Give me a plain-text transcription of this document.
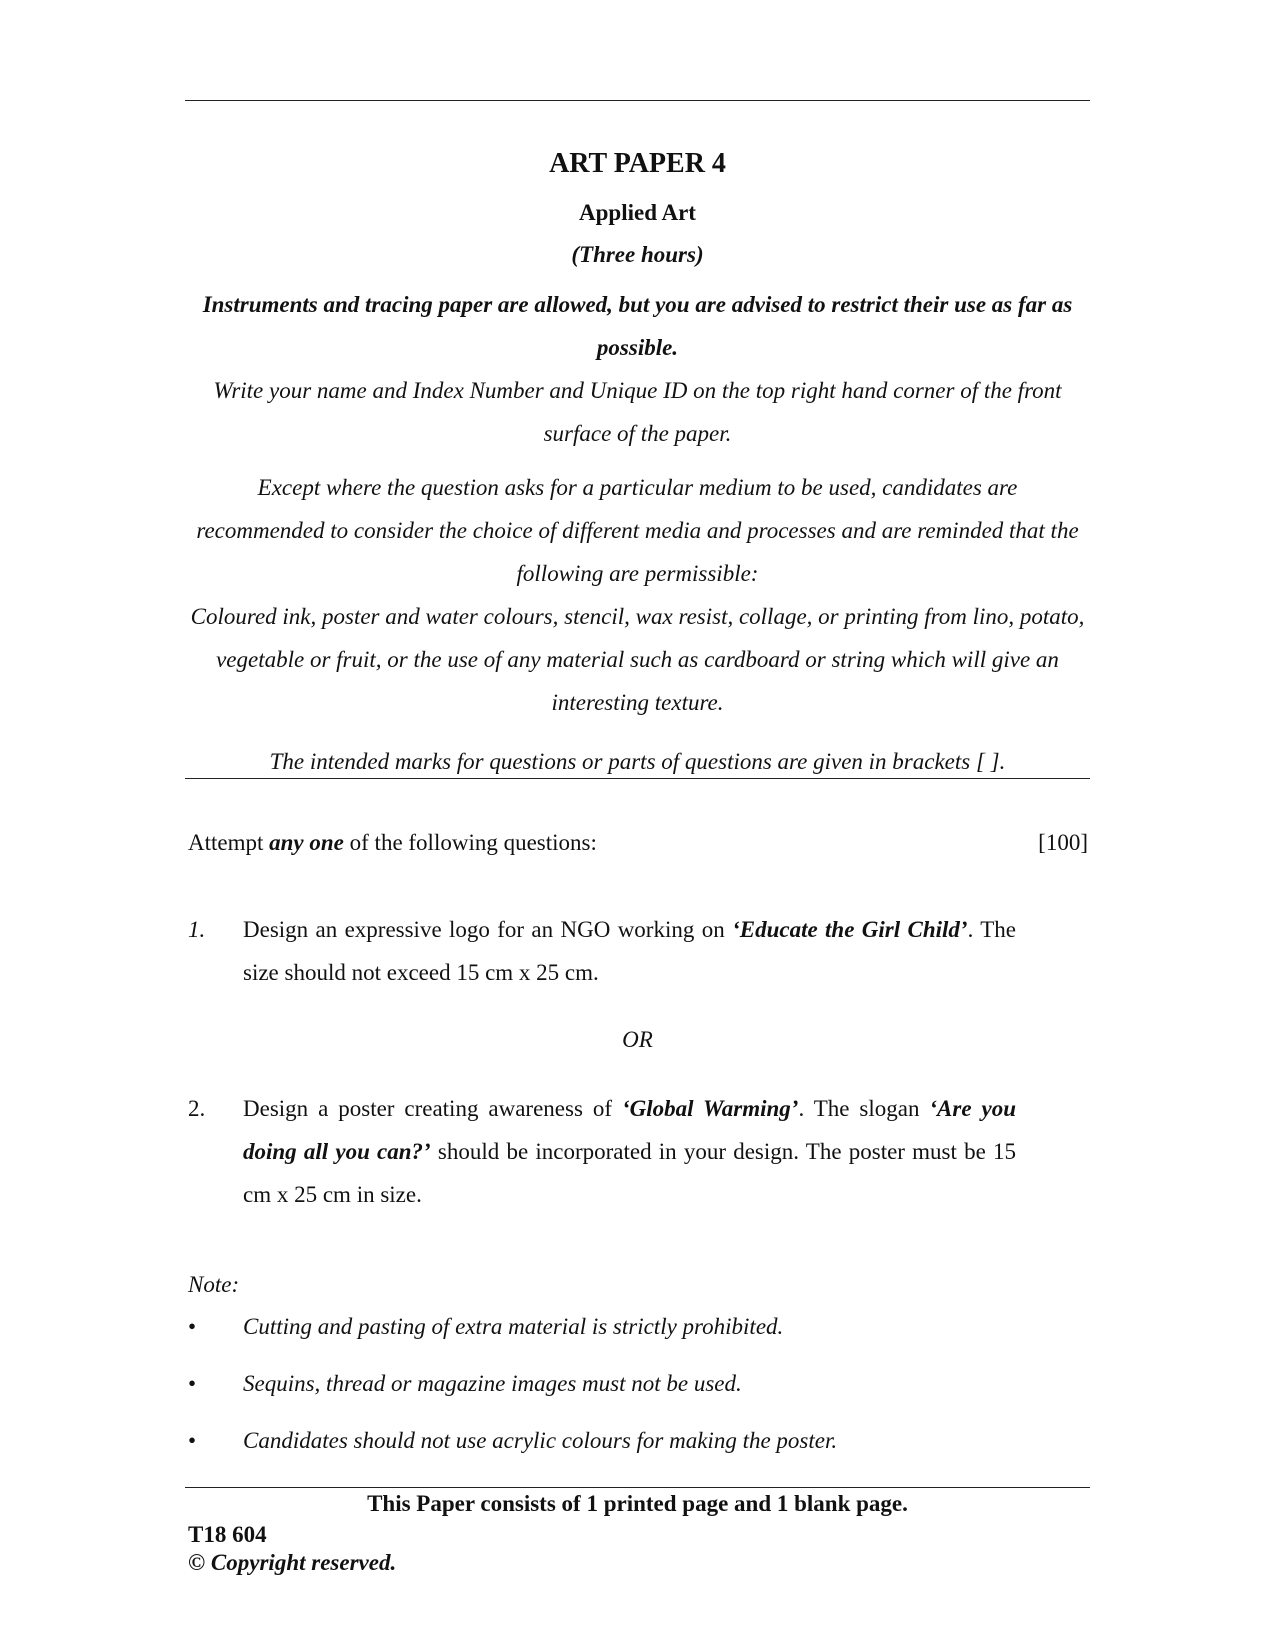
ART PAPER 4
Applied Art
(Three hours)
Instruments and tracing paper are allowed, but you are advised to restrict their use as far as possible.
Write your name and Index Number and Unique ID on the top right hand corner of the front surface of the paper.
Except where the question asks for a particular medium to be used, candidates are recommended to consider the choice of different media and processes and are reminded that the following are permissible:
Coloured ink, poster and water colours, stencil, wax resist, collage, or printing from lino, potato, vegetable or fruit, or the use of any material such as cardboard or string which will give an interesting texture.
The intended marks for questions or parts of questions are given in brackets [ ].
Attempt any one of the following questions:	[100]
1. Design an expressive logo for an NGO working on ‘Educate the Girl Child’. The size should not exceed 15 cm x 25 cm.
OR
2. Design a poster creating awareness of ‘Global Warming’. The slogan ‘Are you doing all you can?’ should be incorporated in your design. The poster must be 15 cm x 25 cm in size.
Note:
• Cutting and pasting of extra material is strictly prohibited.
• Sequins, thread or magazine images must not be used.
• Candidates should not use acrylic colours for making the poster.
This Paper consists of 1 printed page and 1 blank page.
T18 604
© Copyright reserved.
